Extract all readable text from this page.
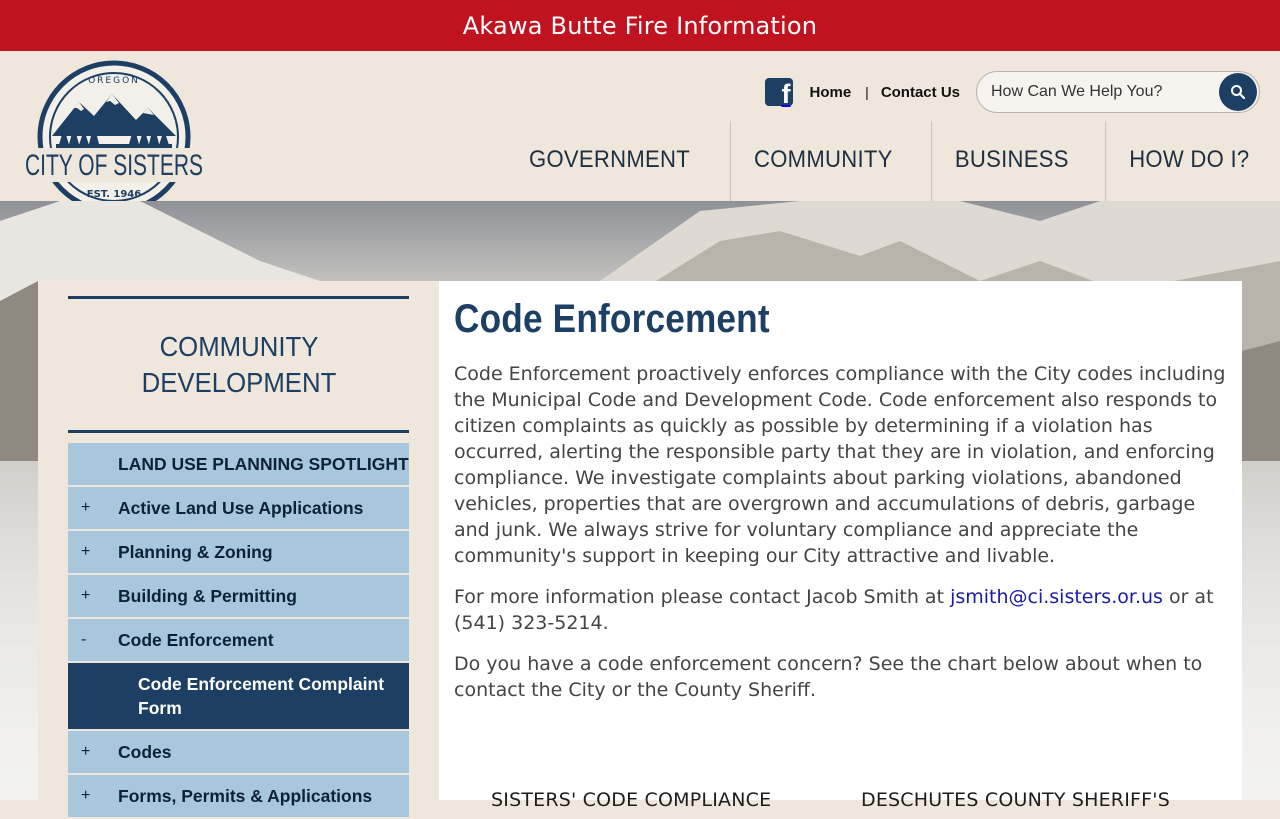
Akawa Butte Fire Information
OREGON
CITY OF SISTERS
EST. 1946
f Home | Contact Us
How Can We Help You?
GOVERNMENT	COMMUNITY	BUSINESS	HOW DO I?
COMMUNITY DEVELOPMENT
LAND USE PLANNING SPOTLIGHT
+	Active Land Use Applications
+	Planning & Zoning
+	Building & Permitting
-	Code Enforcement
Code Enforcement Complaint Form
+	Codes
+	Forms, Permits & Applications
Code Enforcement

Code Enforcement proactively enforces compliance with the City codes including the Municipal Code and Development Code. Code enforcement also responds to citizen complaints as quickly as possible by determining if a violation has occurred, alerting the responsible party that they are in violation, and enforcing compliance. We investigate complaints about parking violations, abandoned vehicles, properties that are overgrown and accumulations of debris, garbage and junk. We always strive for voluntary compliance and appreciate the community's support in keeping our City attractive and livable.

For more information please contact Jacob Smith at jsmith@ci.sisters.or.us or at (541) 323-5214.

Do you have a code enforcement concern? See the chart below about when to contact the City or the County Sheriff.

SISTERS' CODE COMPLIANCE	DESCHUTES COUNTY SHERIFF'S
